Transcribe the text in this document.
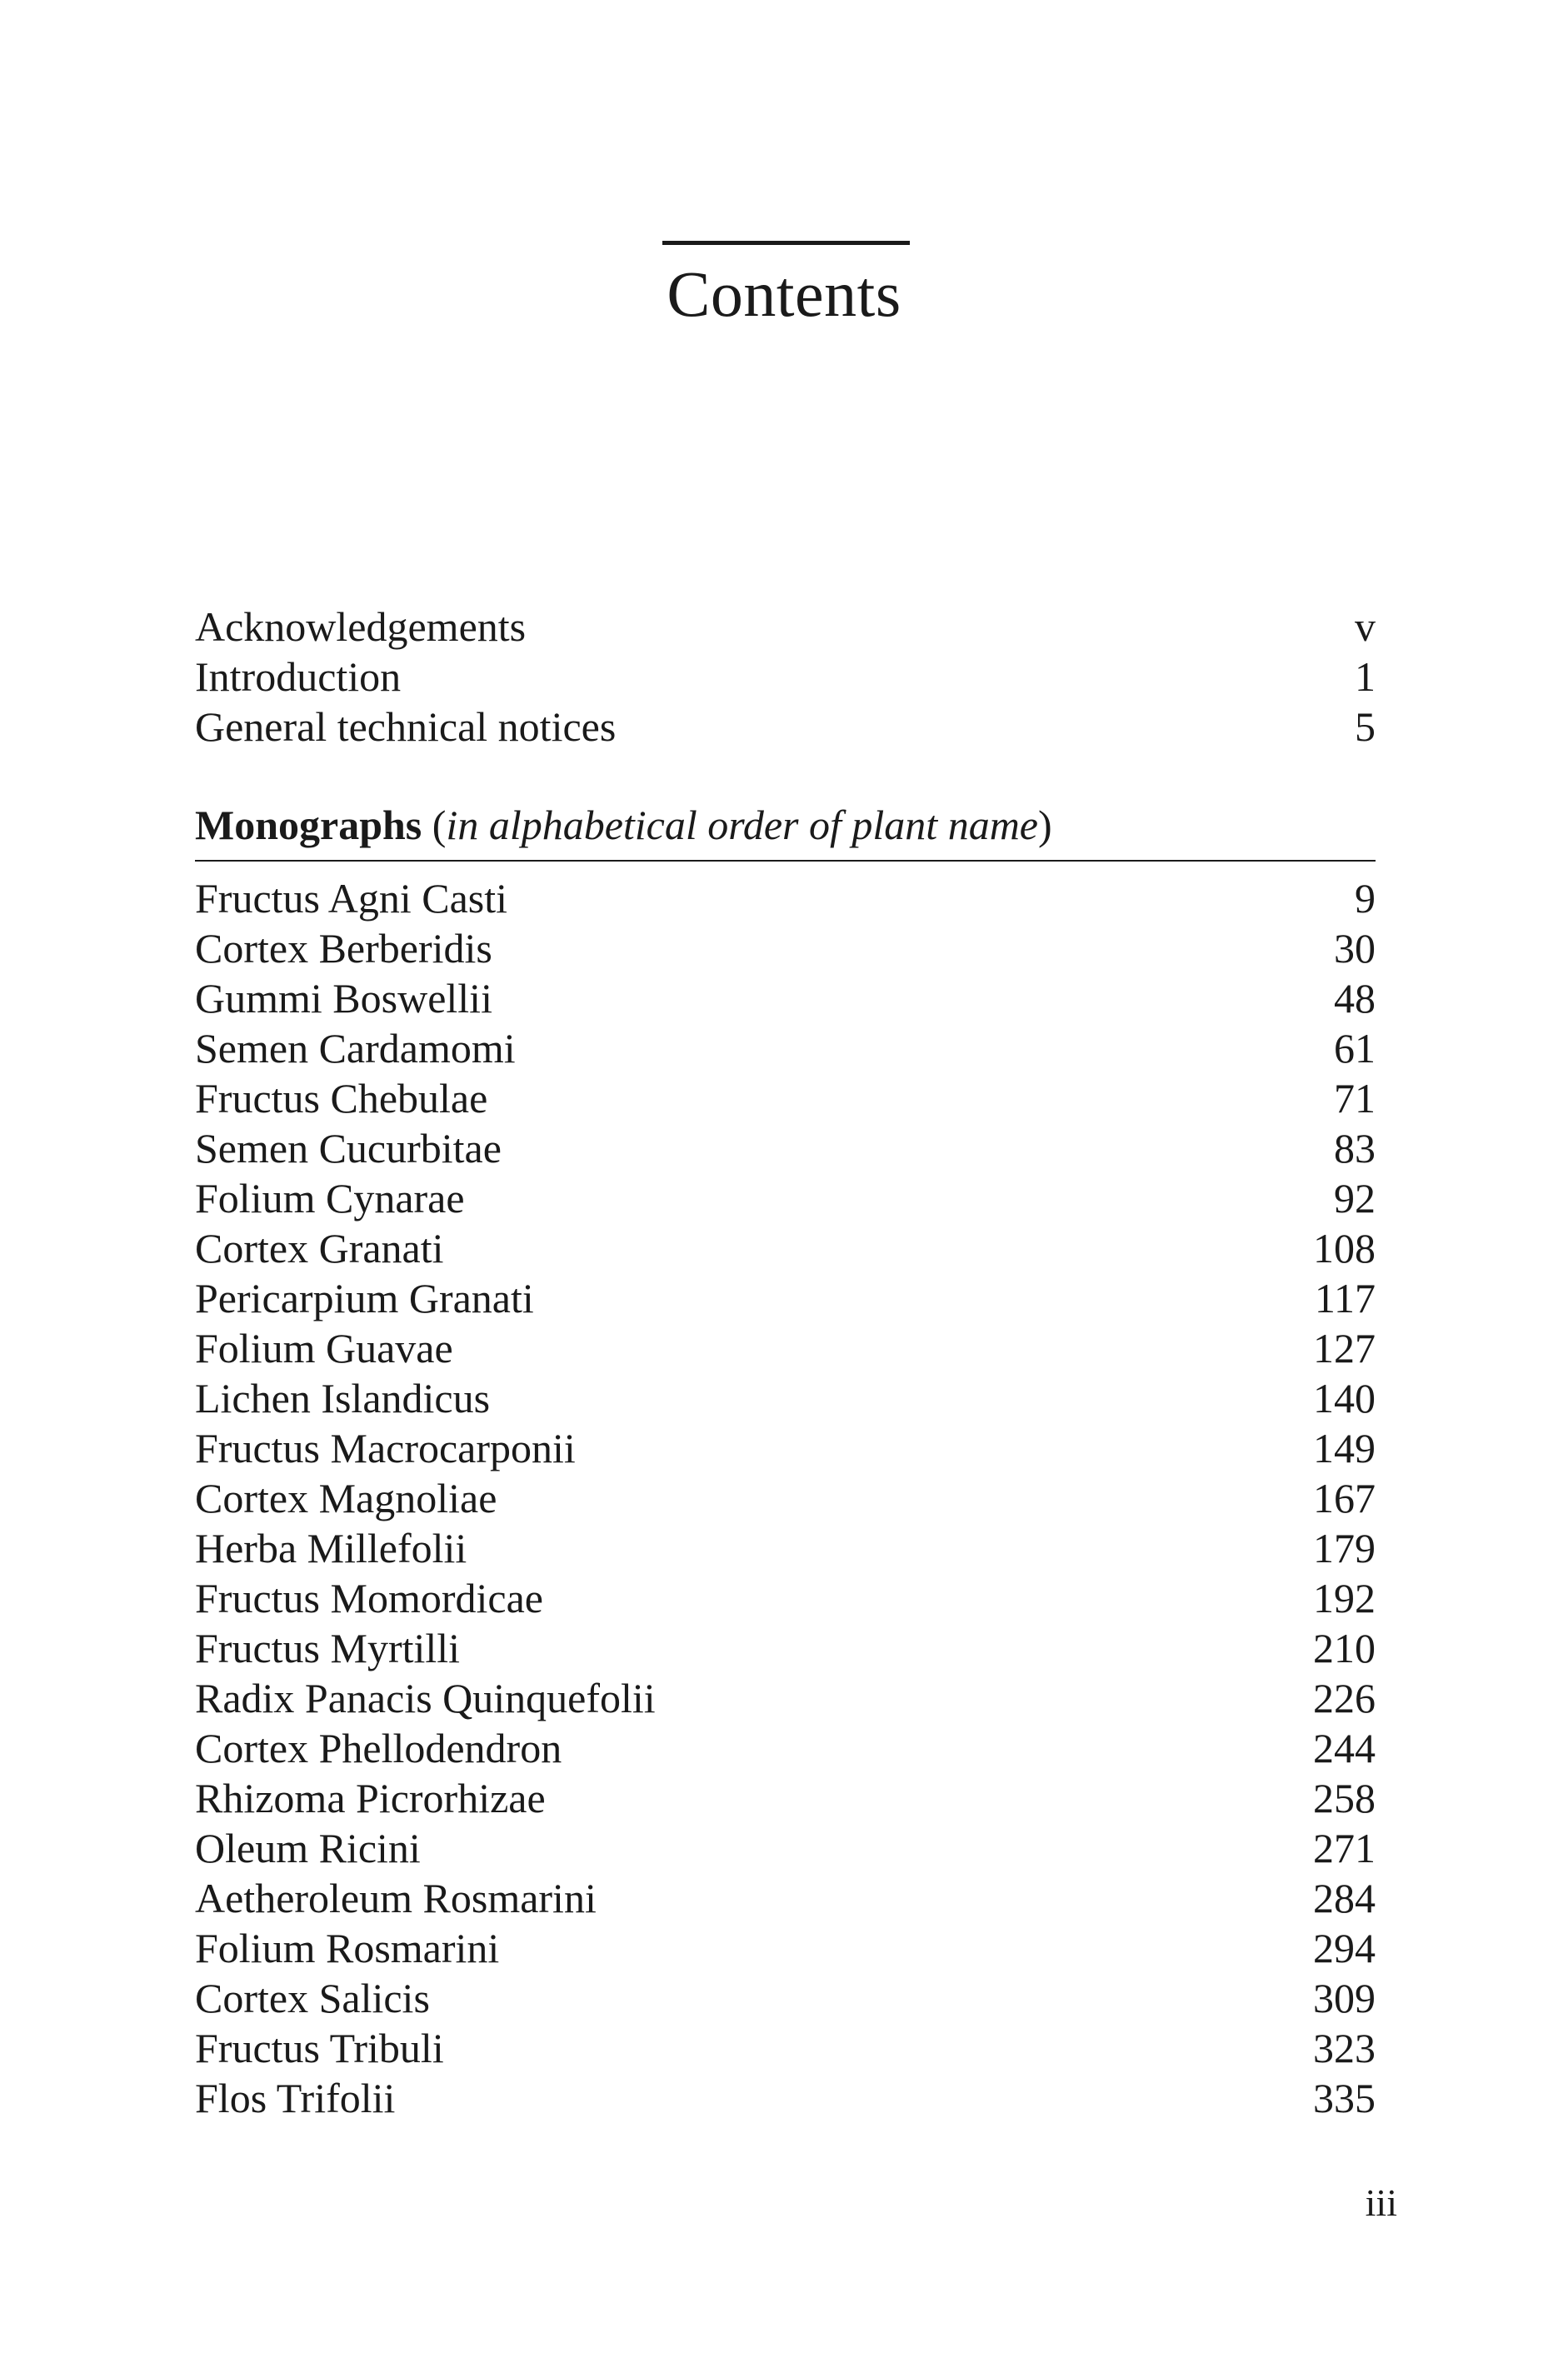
Contents
Acknowledgements	v
Introduction	1
General technical notices	5
Monographs (in alphabetical order of plant name)
Fructus Agni Casti	9
Cortex Berberidis	30
Gummi Boswellii	48
Semen Cardamomi	61
Fructus Chebulae	71
Semen Cucurbitae	83
Folium Cynarae	92
Cortex Granati	108
Pericarpium Granati	117
Folium Guavae	127
Lichen Islandicus	140
Fructus Macrocarponii	149
Cortex Magnoliae	167
Herba Millefolii	179
Fructus Momordicae	192
Fructus Myrtilli	210
Radix Panacis Quinquefolii	226
Cortex Phellodendron	244
Rhizoma Picrorhizae	258
Oleum Ricini	271
Aetheroleum Rosmarini	284
Folium Rosmarini	294
Cortex Salicis	309
Fructus Tribuli	323
Flos Trifolii	335
iii
